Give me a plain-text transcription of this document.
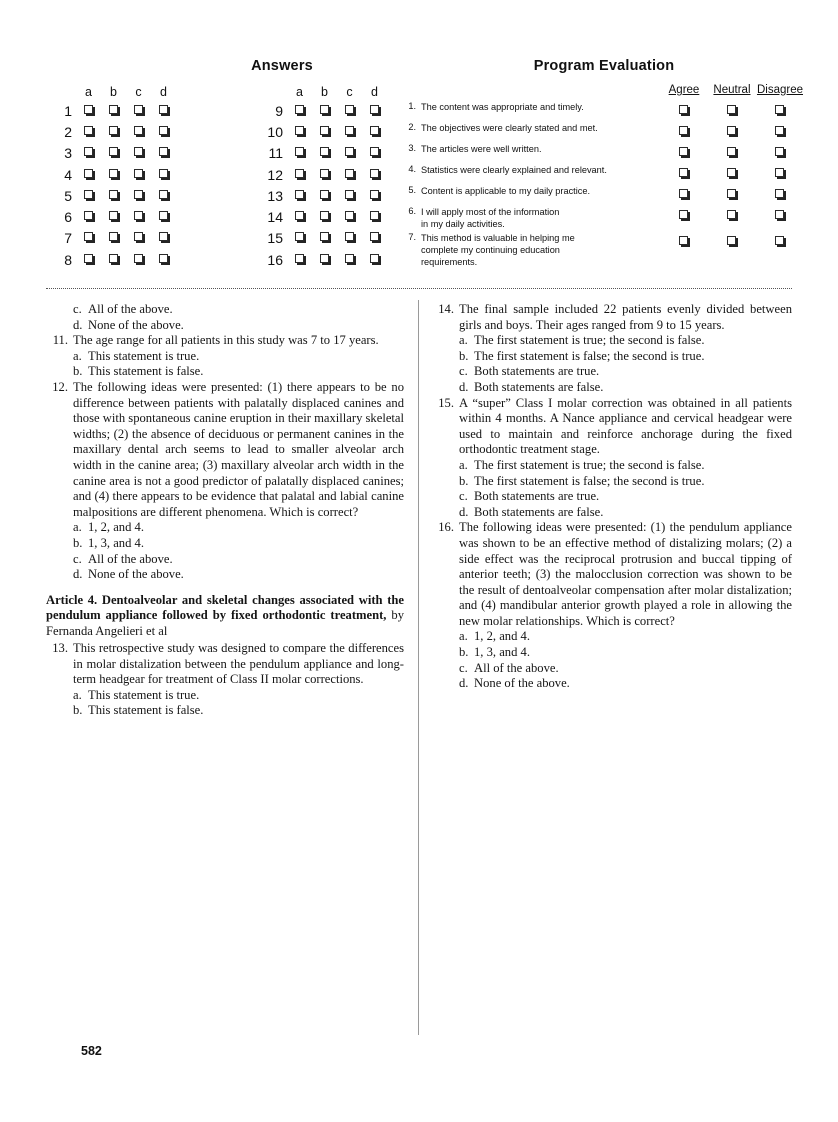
Answers
	a	b	c	d
1				
2				
3				
4				
5				
6				
7				
8				
	a	b	c	d
9				
10				
11				
12				
13				
14				
15				
16				
Program Evaluation
		Agree	Neutral	Disagree
1.	The content was appropriate and timely.			
2.	The objectives were clearly stated and met.			
3.	The articles were well written.			
4.	Statistics were clearly explained and relevant.			
5.	Content is applicable to my daily practice.			
6.	I will apply most of the information
in my daily activities.			

7.	This method is valuable in helping me
complete my continuing education
requirements.			

c. All of the above.
d. None of the above.
11. The age range for all patients in this study was 7 to 17 years.
a. This statement is true.
b. This statement is false.
12. The following ideas were presented: (1) there appears to be no difference between patients with palatally displaced canines and those with spontaneous canine eruption in their maxillary skeletal widths; (2) the absence of deciduous or permanent canines in the maxillary dental arch seems to lead to smaller alveolar arch width in the canine area; (3) maxillary alveolar arch width in the canine area is not a good predictor of palatally displaced canines; and (4) there appears to be evidence that palatal and labial canine malpositions are different phenomena. Which is correct?
a. 1, 2, and 4.
b. 1, 3, and 4.
c. All of the above.
d. None of the above.
Article 4. Dentoalveolar and skeletal changes associated with the pendulum appliance followed by fixed orthodontic treatment, by Fernanda Angelieri et al
13. This retrospective study was designed to compare the differences in molar distalization between the pendulum appliance and long-term headgear for treatment of Class II molar corrections.
a. This statement is true.
b. This statement is false.
14. The final sample included 22 patients evenly divided between girls and boys. Their ages ranged from 9 to 15 years.
a. The first statement is true; the second is false.
b. The first statement is false; the second is true.
c. Both statements are true.
d. Both statements are false.
15. A “super” Class I molar correction was obtained in all patients within 4 months. A Nance appliance and cervical headgear were used to maintain and reinforce anchorage during the fixed orthodontic treatment stage.
a. The first statement is true; the second is false.
b. The first statement is false; the second is true.
c. Both statements are true.
d. Both statements are false.
16. The following ideas were presented: (1) the pendulum appliance was shown to be an effective method of distalizing molars; (2) a side effect was the reciprocal protrusion and buccal tipping of anterior teeth; (3) the malocclusion correction was shown to be the result of dentoalveolar compensation after molar distalization; and (4) mandibular anterior growth played a role in allowing the new molar relationships. Which is correct?
a. 1, 2, and 4.
b. 1, 3, and 4.
c. All of the above.
d. None of the above.
582
